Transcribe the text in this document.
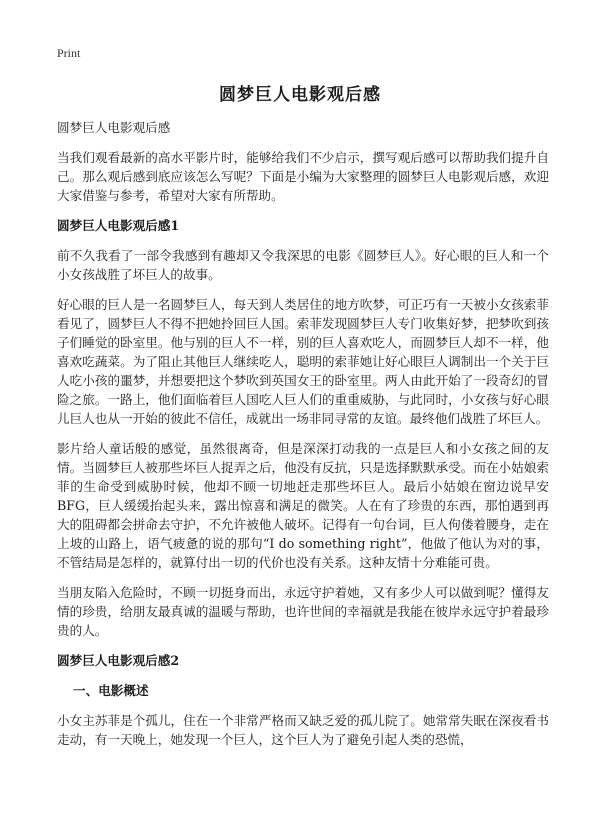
Print
圆梦巨人电影观后感

圆梦巨人电影观后感

当我们观看最新的高水平影片时，能够给我们不少启示，撰写观后感可以帮助我们提升自己。那么观后感到底应该怎么写呢？下面是小编为大家整理的圆梦巨人电影观后感，欢迎大家借鉴与参考，希望对大家有所帮助。

圆梦巨人电影观后感1

前不久我看了一部令我感到有趣却又令我深思的电影《圆梦巨人》。好心眼的巨人和一个小女孩战胜了坏巨人的故事。

好心眼的巨人是一名圆梦巨人，每天到人类居住的地方吹梦，可正巧有一天被小女孩索菲看见了，圆梦巨人不得不把她拎回巨人国。索菲发现圆梦巨人专门收集好梦，把梦吹到孩子们睡觉的卧室里。他与别的巨人不一样，别的巨人喜欢吃人，而圆梦巨人却不一样，他喜欢吃蔬菜。为了阻止其他巨人继续吃人，聪明的索菲她让好心眼巨人调制出一个关于巨人吃小孩的噩梦，并想要把这个梦吹到英国女王的卧室里。两人由此开始了一段奇幻的冒险之旅。一路上，他们面临着巨人国吃人巨人们的重重威胁，与此同时，小女孩与好心眼儿巨人也从一开始的彼此不信任，成就出一场非同寻常的友谊。最终他们战胜了坏巨人。

影片给人童话般的感觉，虽然很离奇，但是深深打动我的一点是巨人和小女孩之间的友情。当圆梦巨人被那些坏巨人捉弄之后，他没有反抗，只是选择默默承受。而在小姑娘索菲的生命受到威胁时候，他却不顾一切地赶走那些坏巨人。最后小姑娘在窗边说早安BFG，巨人缓缓抬起头来，露出惊喜和满足的微笑。人在有了珍贵的东西，那怕遇到再大的阻碍都会拼命去守护，不允许被他人破坏。记得有一句台词，巨人佝偻着腰身，走在上坡的山路上，语气疲惫的说的那句“I do something right”，他做了他认为对的事，不管结局是怎样的，就算付出一切的代价也没有关系。这种友情十分难能可贵。

当朋友陷入危险时，不顾一切挺身而出，永远守护着她，又有多少人可以做到呢？懂得友情的珍贵，给朋友最真诚的温暖与帮助，也许世间的幸福就是我能在彼岸永远守护着最珍贵的人。

圆梦巨人电影观后感2
一、电影概述

小女主苏菲是个孤儿，住在一个非常严格而又缺乏爱的孤儿院了。她常常失眠在深夜看书走动，有一天晚上，她发现一个巨人，这个巨人为了避免引起人类的恐慌，
